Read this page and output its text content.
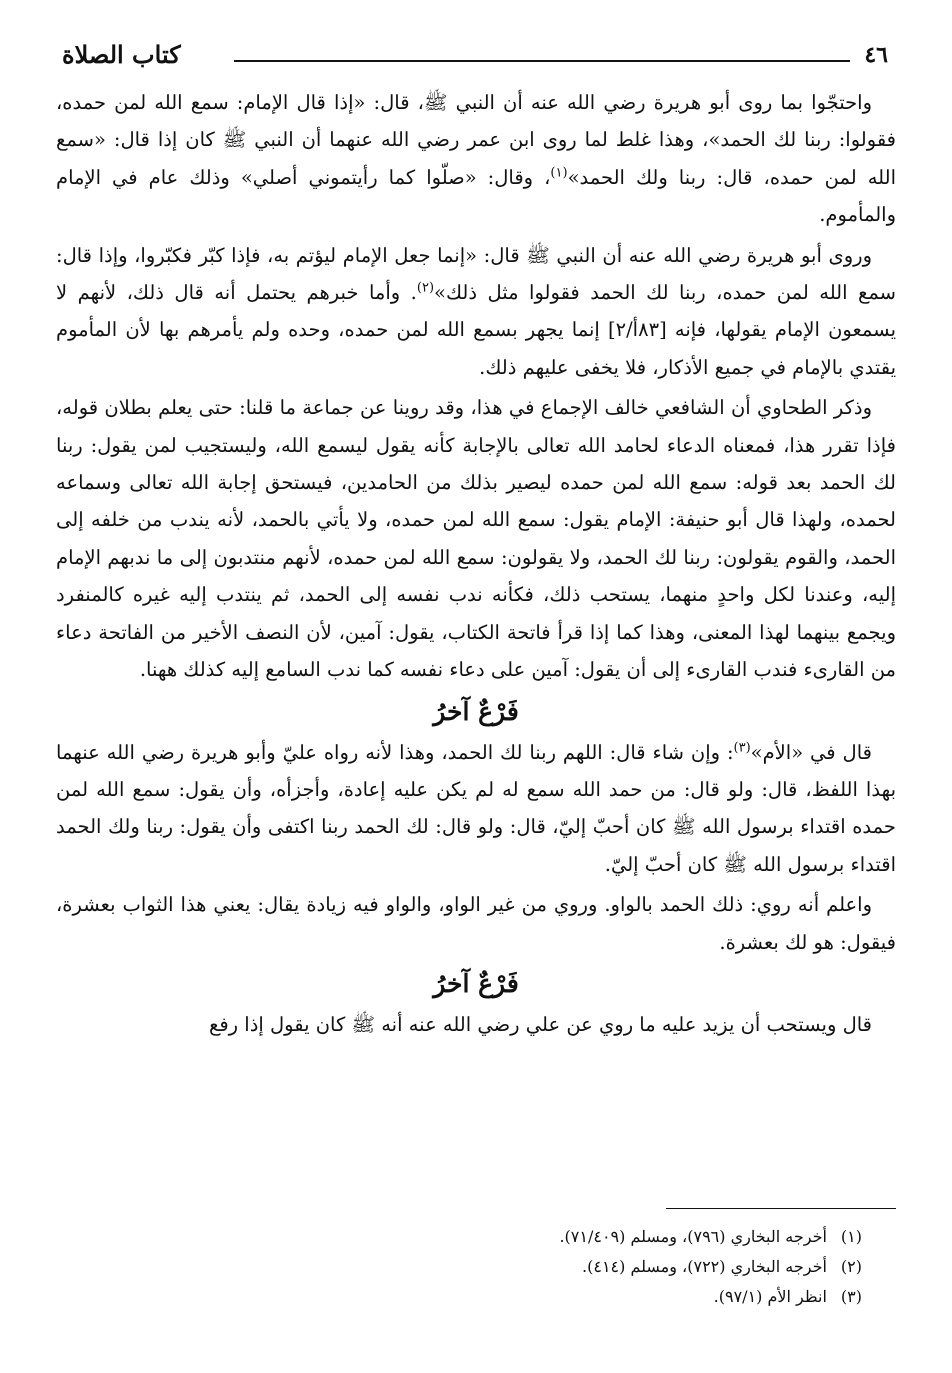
٤٦
كتاب الصلاة

واحتجّوا بما روى أبو هريرة رضي الله عنه أن النبي ﷺ، قال: «إذا قال الإمام: سمع الله لمن حمده، فقولوا: ربنا لك الحمد»، وهذا غلط لما روى ابن عمر رضي الله عنهما أن النبي ﷺ كان إذا قال: «سمع الله لمن حمده، قال: ربنا ولك الحمد»$^{(١)}$، وقال: «صلّوا كما رأيتموني أصلي» وذلك عام في الإمام والمأموم.

وروى أبو هريرة رضي الله عنه أن النبي ﷺ قال: «إنما جعل الإمام ليؤتم به، فإذا كبّر فكبّروا، وإذا قال: سمع الله لمن حمده، ربنا لك الحمد فقولوا مثل ذلك»$^{(٢)}$. وأما خبرهم يحتمل أنه قال ذلك، لأنهم لا يسمعون الإمام يقولها، فإنه [٨٣أ/٢] إنما يجهر بسمع الله لمن حمده، وحده ولم يأمرهم بها لأن المأموم يقتدي بالإمام في جميع الأذكار، فلا يخفى عليهم ذلك.

وذكر الطحاوي أن الشافعي خالف الإجماع في هذا، وقد روينا عن جماعة ما قلنا: حتى يعلم بطلان قوله، فإذا تقرر هذا، فمعناه الدعاء لحامد الله تعالى بالإجابة كأنه يقول ليسمع الله، وليستجيب لمن يقول: ربنا لك الحمد بعد قوله: سمع الله لمن حمده ليصير بذلك من الحامدين، فيستحق إجابة الله تعالى وسماعه لحمده، ولهذا قال أبو حنيفة: الإمام يقول: سمع الله لمن حمده، ولا يأتي بالحمد، لأنه يندب من خلفه إلى الحمد، والقوم يقولون: ربنا لك الحمد، ولا يقولون: سمع الله لمن حمده، لأنهم منتدبون إلى ما ندبهم الإمام إليه، وعندنا لكل واحدٍ منهما، يستحب ذلك، فكأنه ندب نفسه إلى الحمد، ثم ينتدب إليه غيره كالمنفرد ويجمع بينهما لهذا المعنى، وهذا كما إذا قرأ فاتحة الكتاب، يقول: آمين، لأن النصف الأخير من الفاتحة دعاء من القارىء فندب القارىء إلى أن يقول: آمين على دعاء نفسه كما ندب السامع إليه كذلك ههنا.

فَرْعٌ آخرُ

قال في «الأم»$^{(٣)}$: وإن شاء قال: اللهم ربنا لك الحمد، وهذا لأنه رواه عليّ وأبو هريرة رضي الله عنهما بهذا اللفظ، قال: ولو قال: من حمد الله سمع له لم يكن عليه إعادة، وأجزأه، وأن يقول: سمع الله لمن حمده اقتداء برسول الله ﷺ كان أحبّ إليّ، قال: ولو قال: لك الحمد ربنا اكتفى وأن يقول: ربنا ولك الحمد اقتداء برسول الله ﷺ كان أحبّ إليّ.

واعلم أنه روي: ذلك الحمد بالواو. وروي من غير الواو، والواو فيه زيادة يقال: يعني هذا الثواب بعشرة، فيقول: هو لك بعشرة.

فَرْعٌ آخرُ

قال ويستحب أن يزيد عليه ما روي عن علي رضي الله عنه أنه ﷺ كان يقول إذا رفع

(١)أخرجه البخاري (٧٩٦)، ومسلم (٧١/٤٠٩).

(٢)أخرجه البخاري (٧٢٢)، ومسلم (٤١٤).

(٣)انظر الأم (٩٧/١).
